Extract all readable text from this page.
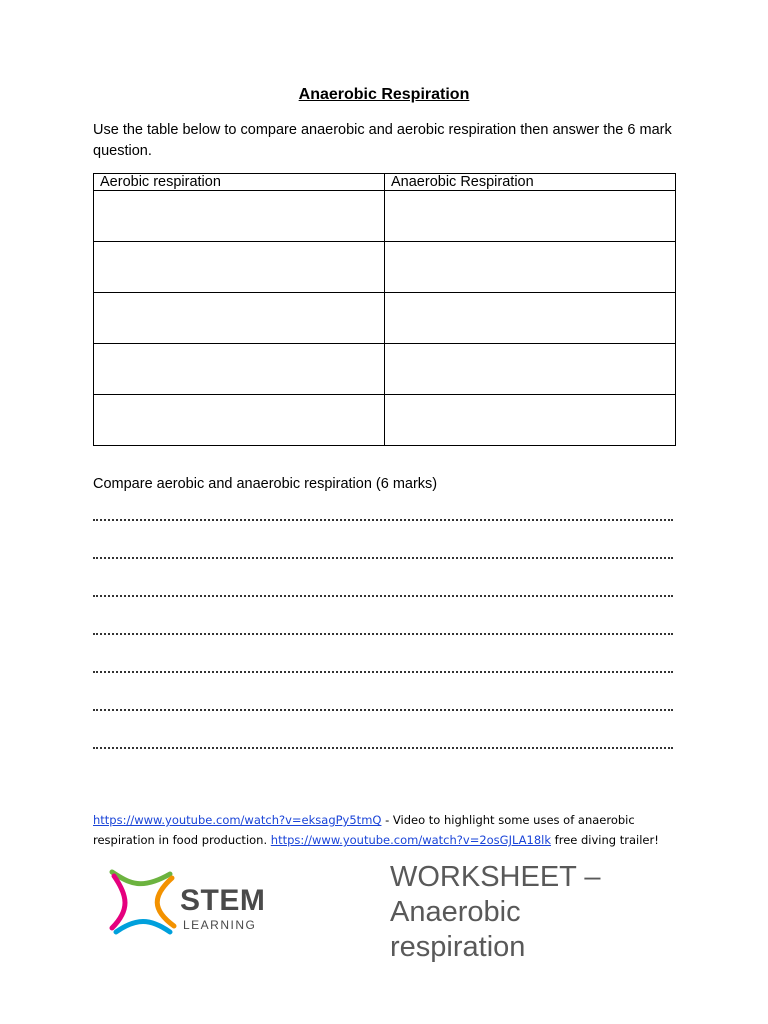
Anaerobic Respiration
Use the table below to compare anaerobic and aerobic respiration then answer the 6 mark question.
Aerobic respiration	Anaerobic Respiration

Compare aerobic and anaerobic respiration (6 marks)
https://www.youtube.com/watch?v=eksagPy5tmQ - Video to highlight some uses of anaerobic respiration in food production. https://www.youtube.com/watch?v=2osGJLA18lk free diving trailer!
STEM
LEARNING
WORKSHEET –
Anaerobic
respiration
